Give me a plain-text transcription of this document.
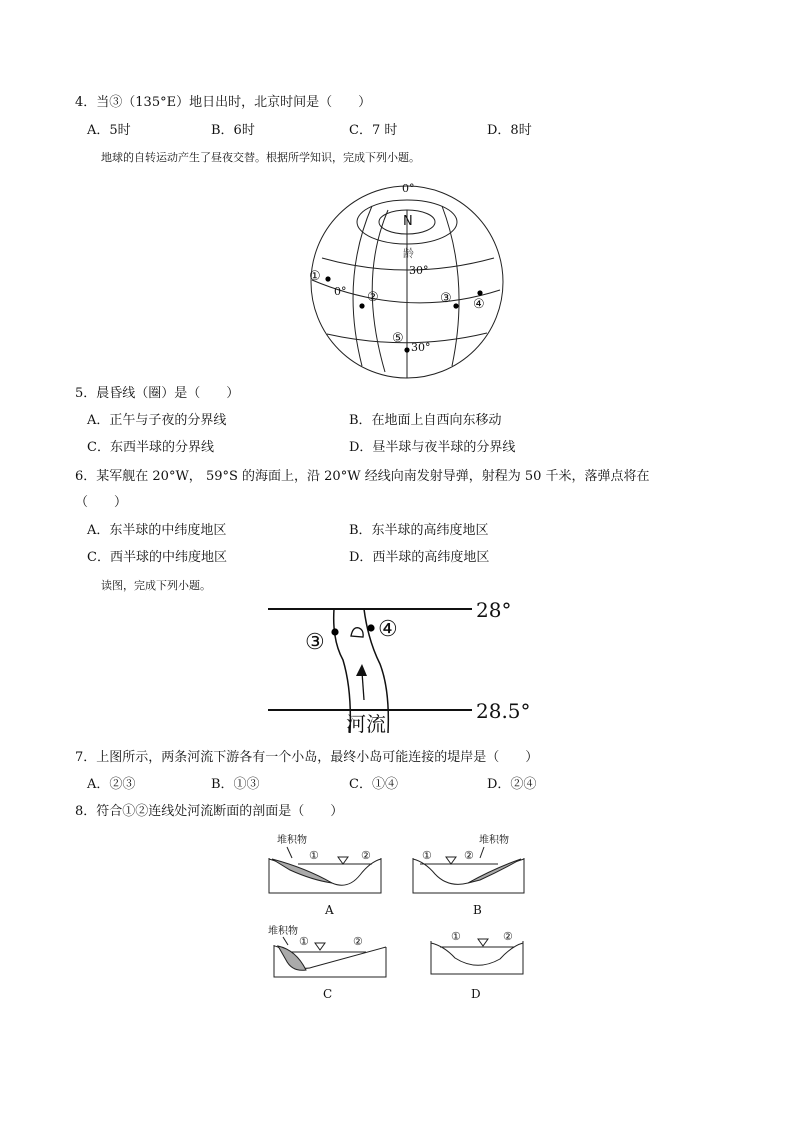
4．当③（135°E）地日出时，北京时间是（　　）
A．5时	B．6时	C．7 时	D．8时
地球的自转运动产生了昼夜交替。根据所学知识，完成下列小题。
0°
N
龄
30°
0°
30°
①
②	③ ④
⑤
5．晨昏线（圈）是（　　）
A．正午与子夜的分界线	B．在地面上自西向东移动
C．东西半球的分界线	D．昼半球与夜半球的分界线
6．某军舰在 20°W， 59°S 的海面上，沿 20°W 经线向南发射导弹，射程为 50 千米，落弹点将在
（　　）
A．东半球的中纬度地区	B．东半球的高纬度地区
C．西半球的中纬度地区	D．西半球的高纬度地区
读图，完成下列小题。
③
④
28°
28.5°
河流
7．上图所示，两条河流下游各有一个小岛，最终小岛可能连接的堤岸是（　　）
A．②③	B．①③	C．①④	D．②④
8．符合①②连线处河流断面的剖面是（　　）
堆积物
①	②
A
堆积物
①	②
B
堆积物
①	②
C
①	②
D
